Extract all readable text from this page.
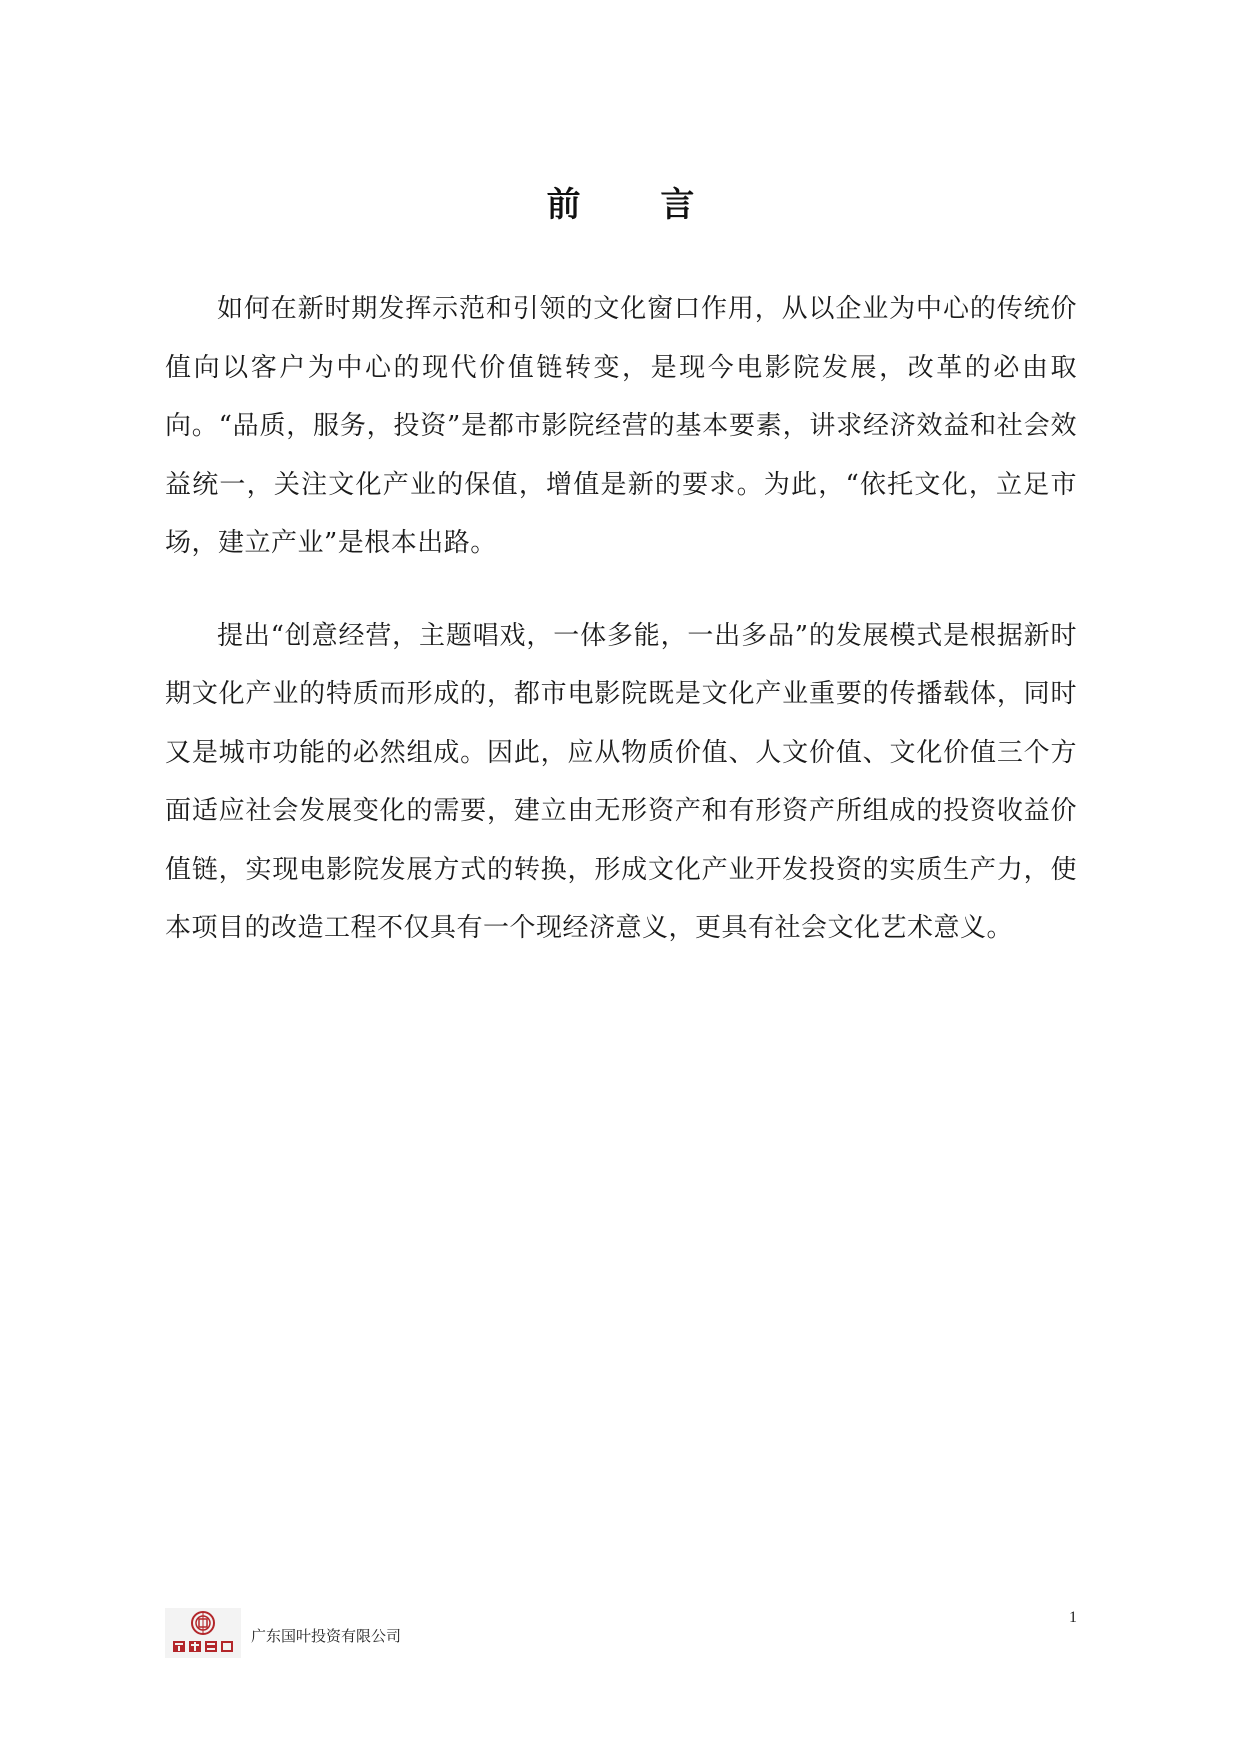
前 言

如何在新时期发挥示范和引领的文化窗口作用，从以企业为中心的传统价值向以客户为中心的现代价值链转变，是现今电影院发展，改革的必由取向。“品质，服务，投资”是都市影院经营的基本要素，讲求经济效益和社会效益统一，关注文化产业的保值，增值是新的要求。为此，“依托文化，立足市场，建立产业”是根本出路。

提出“创意经营，主题唱戏，一体多能，一出多品”的发展模式是根据新时期文化产业的特质而形成的，都市电影院既是文化产业重要的传播载体，同时又是城市功能的必然组成。因此，应从物质价值、人文价值、文化价值三个方面适应社会发展变化的需要，建立由无形资产和有形资产所组成的投资收益价值链，实现电影院发展方式的转换，形成文化产业开发投资的实质生产力，使本项目的改造工程不仅具有一个现经济意义，更具有社会文化艺术意义。

广东国叶投资有限公司
1
